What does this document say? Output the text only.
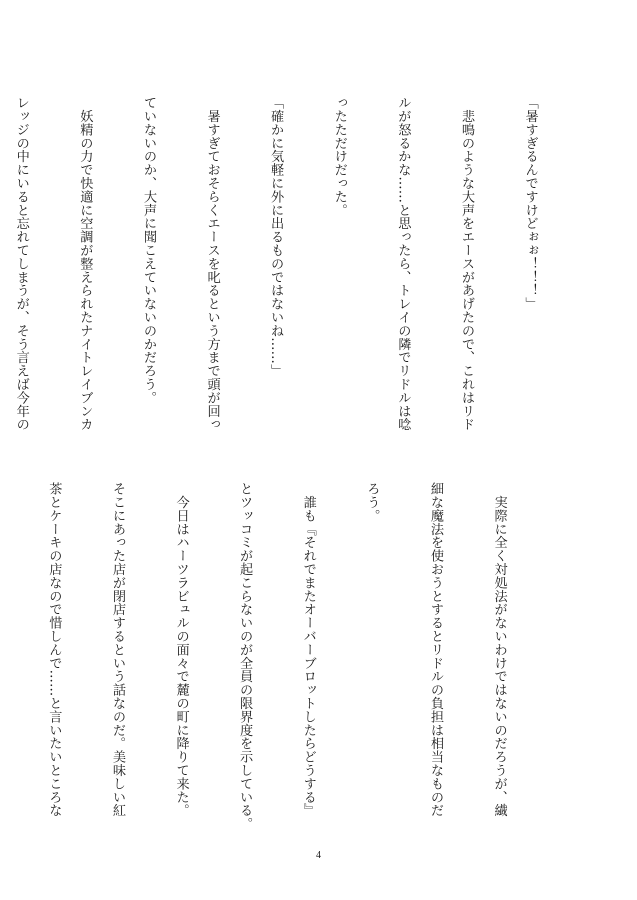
「暑すぎるんですけどぉぉ！！！」

　悲鳴のような大声をエースがあげたので、これはリド

ルが怒るかな……と思ったら、トレイの隣でリドルは唸

ったただけだった。

「確かに気軽に外に出るものではないね……」

　暑すぎておそらくエースを叱るという方まで頭が回っ

ていないのか、大声に聞こえていないのかだろう。

　妖精の力で快適に空調が整えられたナイトレイブンカ

レッジの中にいると忘れてしまうが、そう言えば今年の

　実際に全く対処法がないわけではないのだろうが、繊

細な魔法を使おうとするとリドルの負担は相当なものだ

ろう。

　誰も『それでまたオーバーブロットしたらどうする』

とツッコミが起こらないのが全員の限界度を示している。

　今日はハーツラビュルの面々で麓の町に降りて来た。

そこにあった店が閉店するという話なのだ。美味しい紅

茶とケーキの店なので惜しんで……と言いたいところな

4
